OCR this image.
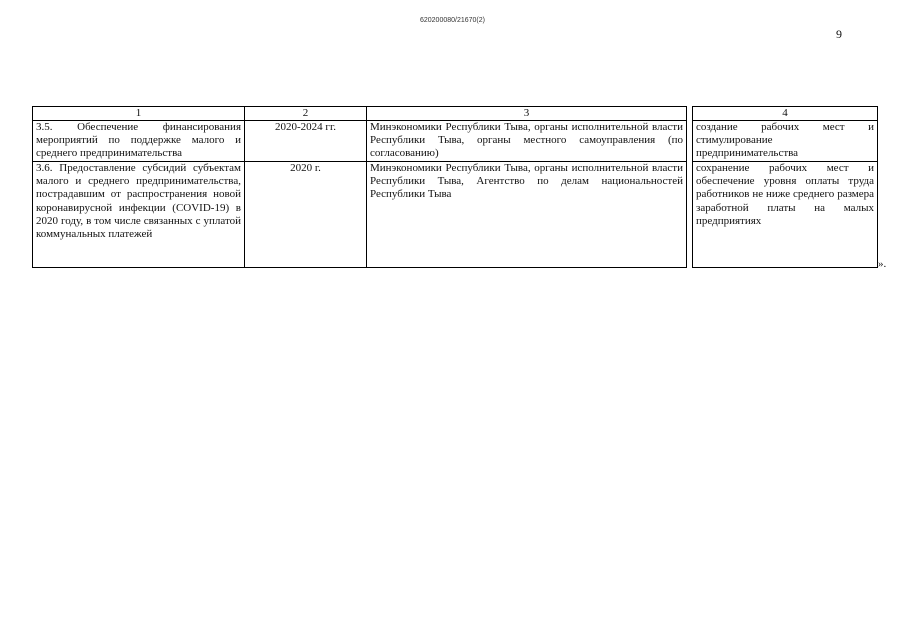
620200080/21670(2)
9
1	2	3		4
3.5. Обеспечение финансирования мероприятий по поддержке малого и среднего предпринимательства	2020-2024 гг.	Минэкономики Республики Тыва, органы исполнительной власти Республики Тыва, органы местного самоуправления (по согласованию)		создание рабочих мест и стимулирование предпринимательства
3.6. Предоставление субсидий субъектам малого и среднего предпринимательства, пострадавшим от распространения новой коронавирусной инфекции (COVID-19) в 2020 году, в том числе связанных с уплатой коммунальных платежей	2020 г.	Минэкономики Республики Тыва, органы исполнительной власти Республики Тыва, Агентство по делам национальностей Республики Тыва		сохранение рабочих мест и обеспечение уровня оплаты труда работников не ниже среднего размера заработной платы на малых предприятиях
».
